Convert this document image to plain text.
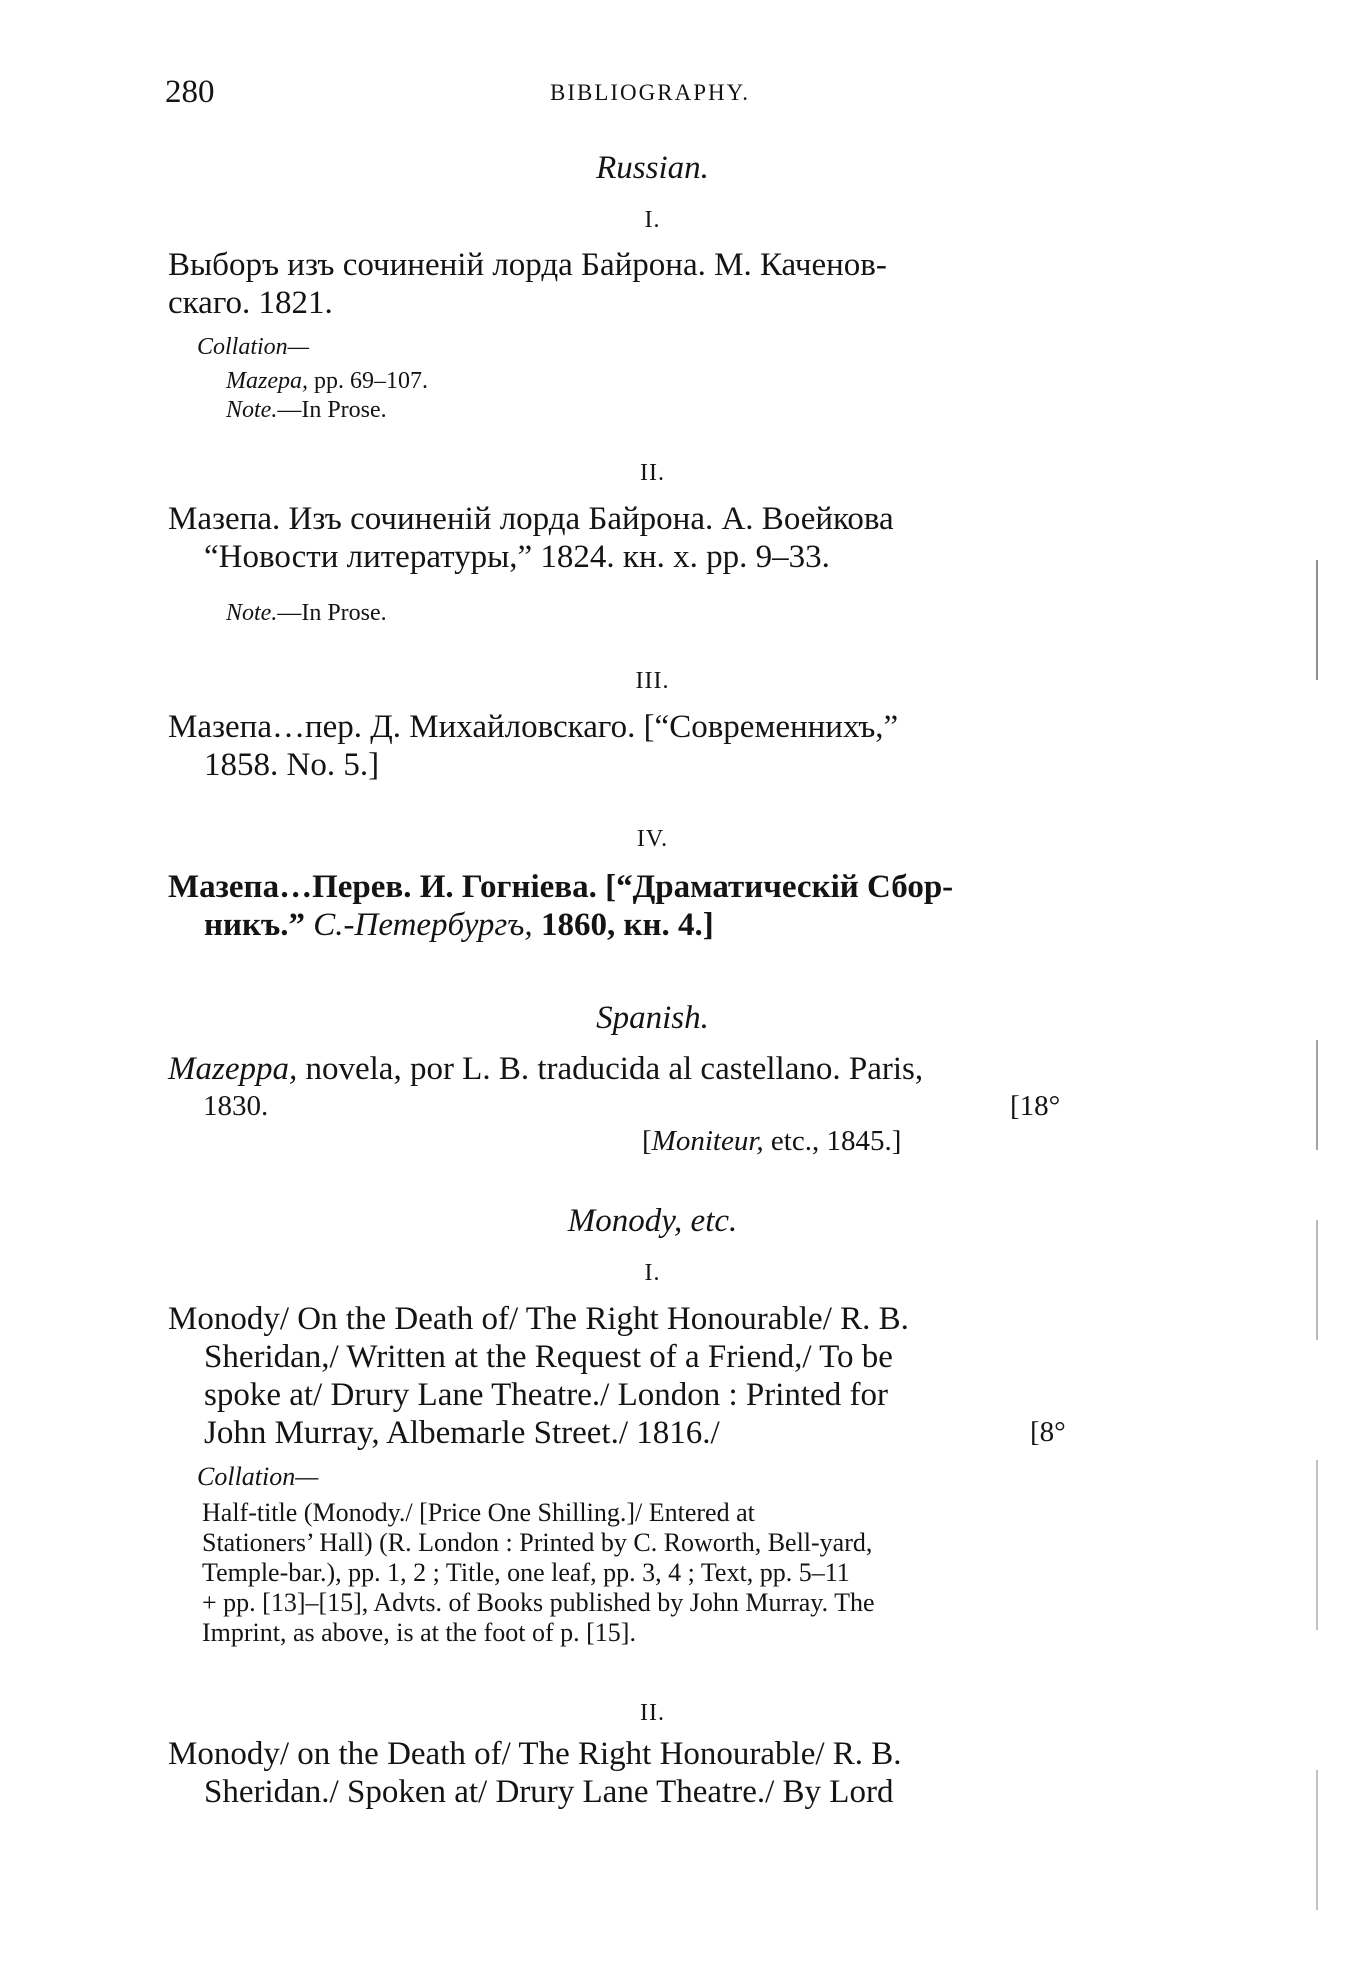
280	BIBLIOGRAPHY.
Russian.
I.
Выборъ изъ сочиненій лорда Байрона. М. Каченов-
скаго. 1821.
Collation—
Mazepa, pp. 69–107.
Note.—In Prose.
II.
Мазепа. Изъ сочиненій лорда Байрона. А. Воейкова
“Новости литературы,” 1824. кн. х. pp. 9–33.
Note.—In Prose.
III.
Мазепа…пер. Д. Михайловскаго. [“Современнихъ,”
1858. No. 5.]
IV.
Мазепа…Перев. И. Гогніева. [“Драматическій Сбор-
никъ.” С.-Петербургъ, 1860, кн. 4.]
Spanish.
Mazeppa, novela, por L. B. traducida al castellano. Paris,
1830.	[18°
[Moniteur, etc., 1845.]
Monody, etc.
I.
Monody/ On the Death of/ The Right Honourable/ R. B.
Sheridan,/ Written at the Request of a Friend,/ To be
spoke at/ Drury Lane Theatre./ London : Printed for
John Murray, Albemarle Street./ 1816./	[8°
Collation—
Half-title (Monody./ [Price One Shilling.]/ Entered at
Stationers’ Hall) (R. London : Printed by C. Roworth, Bell-yard,
Temple-bar.), pp. 1, 2 ; Title, one leaf, pp. 3, 4 ; Text, pp. 5–11
+ pp. [13]–[15], Advts. of Books published by John Murray. The
Imprint, as above, is at the foot of p. [15].
II.
Monody/ on the Death of/ The Right Honourable/ R. B.
Sheridan./ Spoken at/ Drury Lane Theatre./ By Lord
